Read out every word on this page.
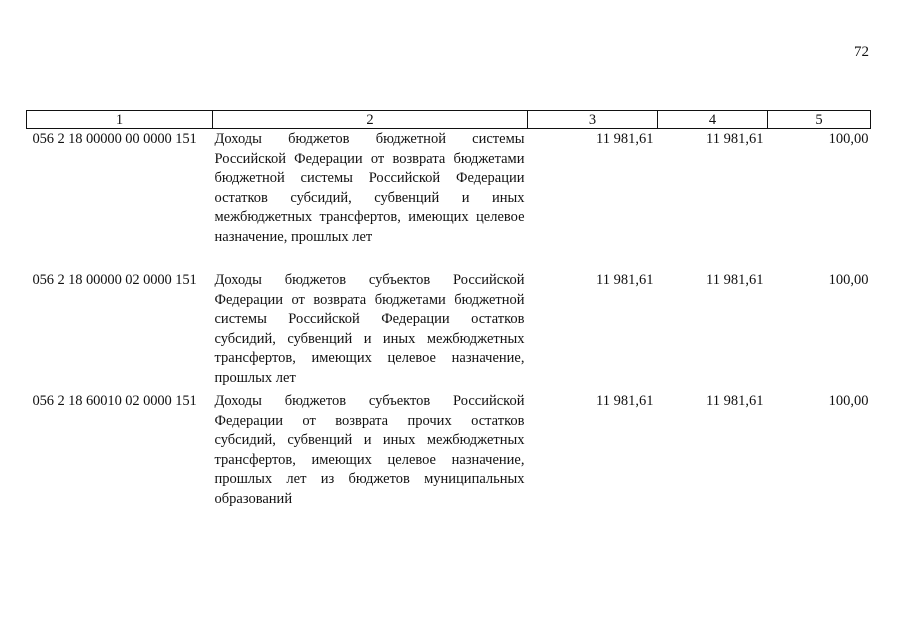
72
1	2	3	4	5
056 2 18 00000 00 0000 151	Доходы бюджетов бюджетной системы Российской Федерации от возврата бюджетами бюджетной системы Российской Федерации остатков субсидий, субвенций и иных межбюджетных трансфертов, имеющих целевое назначение, прошлых лет	11 981,61	11 981,61	100,00

056 2 18 00000 02 0000 151	Доходы бюджетов субъектов Российской Федерации от возврата бюджетами бюджетной системы Российской Федерации остатков субсидий, субвенций и иных межбюджетных трансфертов, имеющих целевое назначение, прошлых лет	11 981,61	11 981,61	100,00

056 2 18 60010 02 0000 151	Доходы бюджетов субъектов Российской Федерации от возврата прочих остатков субсидий, субвенций и иных межбюджетных трансфертов, имеющих целевое назначение, прошлых лет из бюджетов муниципальных образований	11 981,61	11 981,61	100,00
